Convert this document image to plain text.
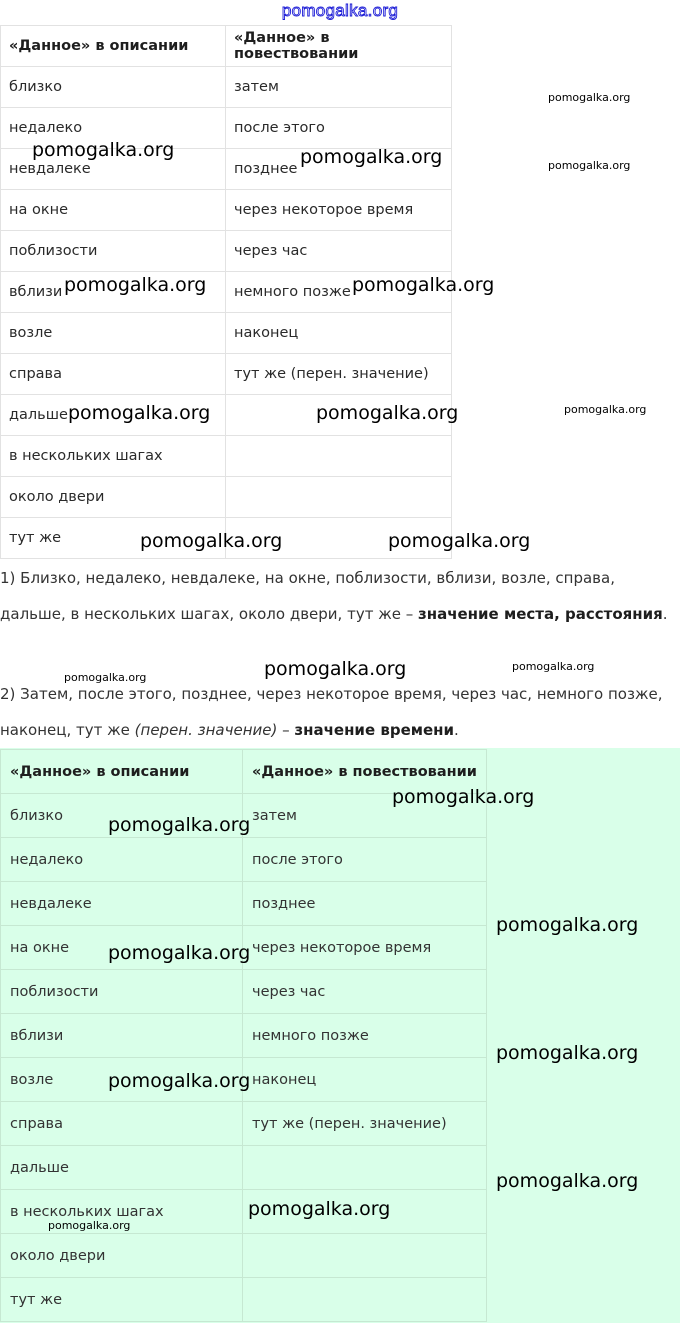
pomogalka.org
«Данное» в описании	«Данное» в повествовании
близко	затем
недалеко	после этого
невдалеке	позднее
на окне	через некоторое время
поблизости	через час
вблизи	немного позже
возле	наконец
справа	тут же (перен. значение)
дальше	
в нескольких шагах	
около двери	
тут же	

1) Близко, недалеко, невдалеке, на окне, поблизости, вблизи, возле, справа, дальше, в нескольких шагах, около двери, тут же – значение места, расстояния.

2) Затем, после этого, позднее, через некоторое время, через час, немного позже, наконец, тут же (перен. значение) – значение времени.

«Данное» в описании	«Данное» в повествовании
близко	затем
недалеко	после этого
невдалеке	позднее
на окне	через некоторое время
поблизости	через час
вблизи	немного позже
возле	наконец
справа	тут же (перен. значение)
дальше	
в нескольких шагах	
около двери	
тут же	
pomogalka.org
pomogalka.org	pomogalka.org	pomogalka.org
pomogalka.org	pomogalka.org
pomogalka.org
pomogalka.org	pomogalka.org
pomogalka.org	pomogalka.org
pomogalka.org	pomogalka.org	pomogalka.org
pomogalka.org
pomogalka.org
pomogalka.org
pomogalka.org
pomogalka.org
pomogalka.org
pomogalka.org
pomogalka.org
pomogalka.org
